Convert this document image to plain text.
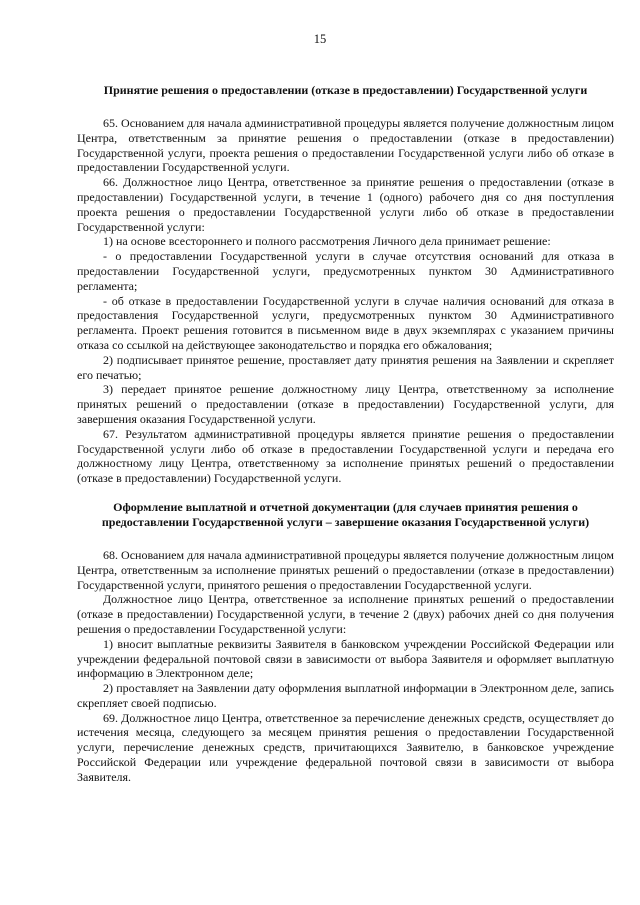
15
Принятие решения о предоставлении (отказе в предоставлении) Государственной услуги

65. Основанием для начала административной процедуры является получение должностным лицом Центра, ответственным за принятие решения о предоставлении (отказе в предоставлении) Государственной услуги, проекта решения о предоставлении Государственной услуги либо об отказе в предоставлении Государственной услуги.

66. Должностное лицо Центра, ответственное за принятие решения о предоставлении (отказе в предоставлении) Государственной услуги, в течение 1 (одного) рабочего дня со дня поступления проекта решения о предоставлении Государственной услуги либо об отказе в предоставлении Государственной услуги:

1) на основе всестороннего и полного рассмотрения Личного дела принимает решение:

- о предоставлении Государственной услуги в случае отсутствия оснований для отказа в предоставлении Государственной услуги, предусмотренных пунктом 30 Административного регламента;

- об отказе в предоставлении Государственной услуги в случае наличия оснований для отказа в предоставления Государственной услуги, предусмотренных пунктом 30 Административного регламента. Проект решения готовится в письменном виде в двух экземплярах с указанием причины отказа со ссылкой на действующее законодательство и порядка его обжалования;

2) подписывает принятое решение, проставляет дату принятия решения на Заявлении и скрепляет его печатью;

3) передает принятое решение должностному лицу Центра, ответственному за исполнение принятых решений о предоставлении (отказе в предоставлении) Государственной услуги, для завершения оказания Государственной услуги.

67. Результатом административной процедуры является принятие решения о предоставлении Государственной услуги либо об отказе в предоставлении Государственной услуги и передача его должностному лицу Центра, ответственному за исполнение принятых решений о предоставлении (отказе в предоставлении) Государственной услуги.

Оформление выплатной и отчетной документации (для случаев принятия решения о предоставлении Государственной услуги – завершение оказания Государственной услуги)

68. Основанием для начала административной процедуры является получение должностным лицом Центра, ответственным за исполнение принятых решений о предоставлении (отказе в предоставлении) Государственной услуги, принятого решения о предоставлении Государственной услуги.

Должностное лицо Центра, ответственное за исполнение принятых решений о предоставлении (отказе в предоставлении) Государственной услуги, в течение 2 (двух) рабочих дней со дня получения решения о предоставлении Государственной услуги:

1) вносит выплатные реквизиты Заявителя в банковском учреждении Российской Федерации или учреждении федеральной почтовой связи в зависимости от выбора Заявителя и оформляет выплатную информацию в Электронном деле;

2) проставляет на Заявлении дату оформления выплатной информации в Электронном деле, запись скрепляет своей подписью.

69. Должностное лицо Центра, ответственное за перечисление денежных средств, осуществляет до истечения месяца, следующего за месяцем принятия решения о предоставлении Государственной услуги, перечисление денежных средств, причитающихся Заявителю, в банковское учреждение Российской Федерации или учреждение федеральной почтовой связи в зависимости от выбора Заявителя.
